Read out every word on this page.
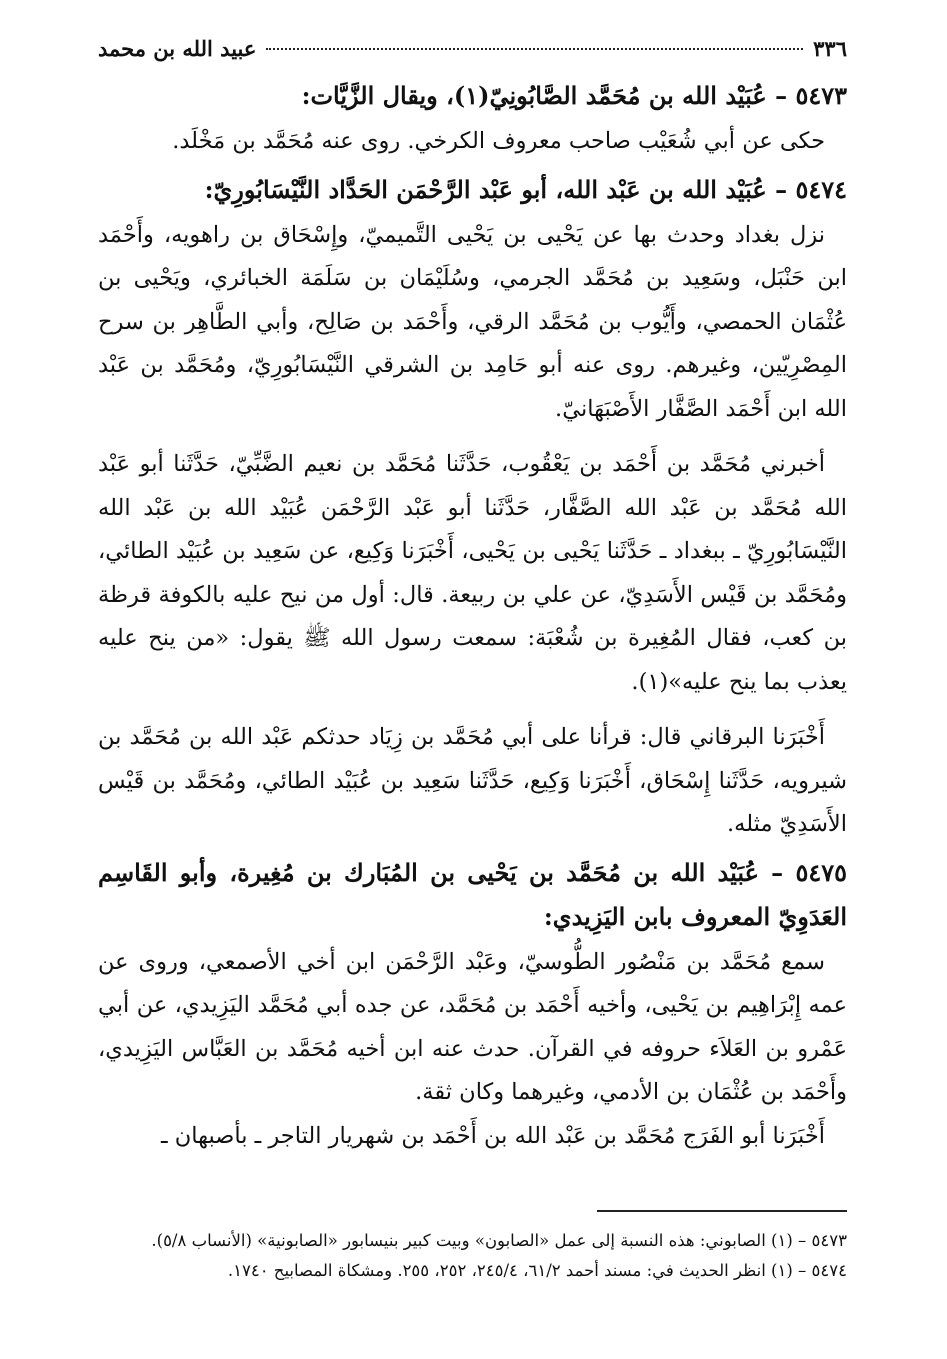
٣٣٦
عبيد الله بن محمد
٥٤٧٣ – عُبَيْد الله بن مُحَمَّد الصَّابُونِيّ(١)، ويقال الزَّيَّات:

حكى عن أبي شُعَيْب صاحب معروف الكرخي. روى عنه مُحَمَّد بن مَخْلَد.

٥٤٧٤ – عُبَيْد الله بن عَبْد الله، أبو عَبْد الرَّحْمَن الحَدَّاد النَّيْسَابُورِيّ:

نزل بغداد وحدث بها عن يَحْيى بن يَحْيى التَّميميّ، وإِسْحَاق بن راهويه، وأَحْمَد ابن حَنْبَل، وسَعِيد بن مُحَمَّد الجرمي، وسُلَيْمَان بن سَلَمَة الخبائري، ويَحْيى بن عُثْمَان الحمصي، وأَيُّوب بن مُحَمَّد الرقي، وأَحْمَد بن صَالِح، وأبي الطَّاهِر بن سرح المِصْرِيّين، وغيرهم. روى عنه أبو حَامِد بن الشرقي النَّيْسَابُورِيّ، ومُحَمَّد بن عَبْد الله ابن أَحْمَد الصَّفَّار الأَصْبَهَانيّ.

أخبرني مُحَمَّد بن أَحْمَد بن يَعْقُوب، حَدَّثَنا مُحَمَّد بن نعيم الضَّبِّيّ، حَدَّثَنا أبو عَبْد الله مُحَمَّد بن عَبْد الله الصَّفَّار، حَدَّثَنا أبو عَبْد الرَّحْمَن عُبَيْد الله بن عَبْد الله النَّيْسَابُورِيّ ـ ببغداد ـ حَدَّثَنا يَحْيى بن يَحْيى، أَخْبَرَنا وَكِيع، عن سَعِيد بن عُبَيْد الطائي، ومُحَمَّد بن قَيْس الأَسَدِيّ، عن علي بن ربيعة. قال: أول من نيح عليه بالكوفة قرظة بن كعب، فقال المُغِيرة بن شُعْبَة: سمعت رسول الله ﷺ يقول: «من ينح عليه يعذب بما ينح عليه»(١).

أَخْبَرَنا البرقاني قال: قرأنا على أبي مُحَمَّد بن زِيَاد حدثكم عَبْد الله بن مُحَمَّد بن شيرويه، حَدَّثَنا إِسْحَاق، أَخْبَرَنا وَكِيع، حَدَّثَنا سَعِيد بن عُبَيْد الطائي، ومُحَمَّد بن قَيْس الأَسَدِيّ مثله.

٥٤٧٥ – عُبَيْد الله بن مُحَمَّد بن يَحْيى بن المُبَارك بن مُغِيرة، وأبو القَاسِم العَدَوِيّ المعروف بابن اليَزِيدي:

سمع مُحَمَّد بن مَنْصُور الطُّوسيّ، وعَبْد الرَّحْمَن ابن أخي الأصمعي، وروى عن عمه إِبْرَاهِيم بن يَحْيى، وأخيه أَحْمَد بن مُحَمَّد، عن جده أبي مُحَمَّد اليَزِيدي، عن أبي عَمْرو بن العَلاَء حروفه في القرآن. حدث عنه ابن أخيه مُحَمَّد بن العَبَّاس اليَزِيدي، وأَحْمَد بن عُثْمَان بن الأدمي، وغيرهما وكان ثقة.

أَخْبَرَنا أبو الفَرَج مُحَمَّد بن عَبْد الله بن أَحْمَد بن شهريار التاجر ـ بأصبهان ـ

٥٤٧٣ – (١) الصابوني: هذه النسبة إلى عمل «الصابون» وبيت كبير بنيسابور «الصابونية» (الأنساب ٥/٨).

٥٤٧٤ – (١) انظر الحديث في: مسند أحمد ٦١/٢، ٢٤٥/٤، ٢٥٢، ٢٥٥. ومشكاة المصابيح ١٧٤٠.
